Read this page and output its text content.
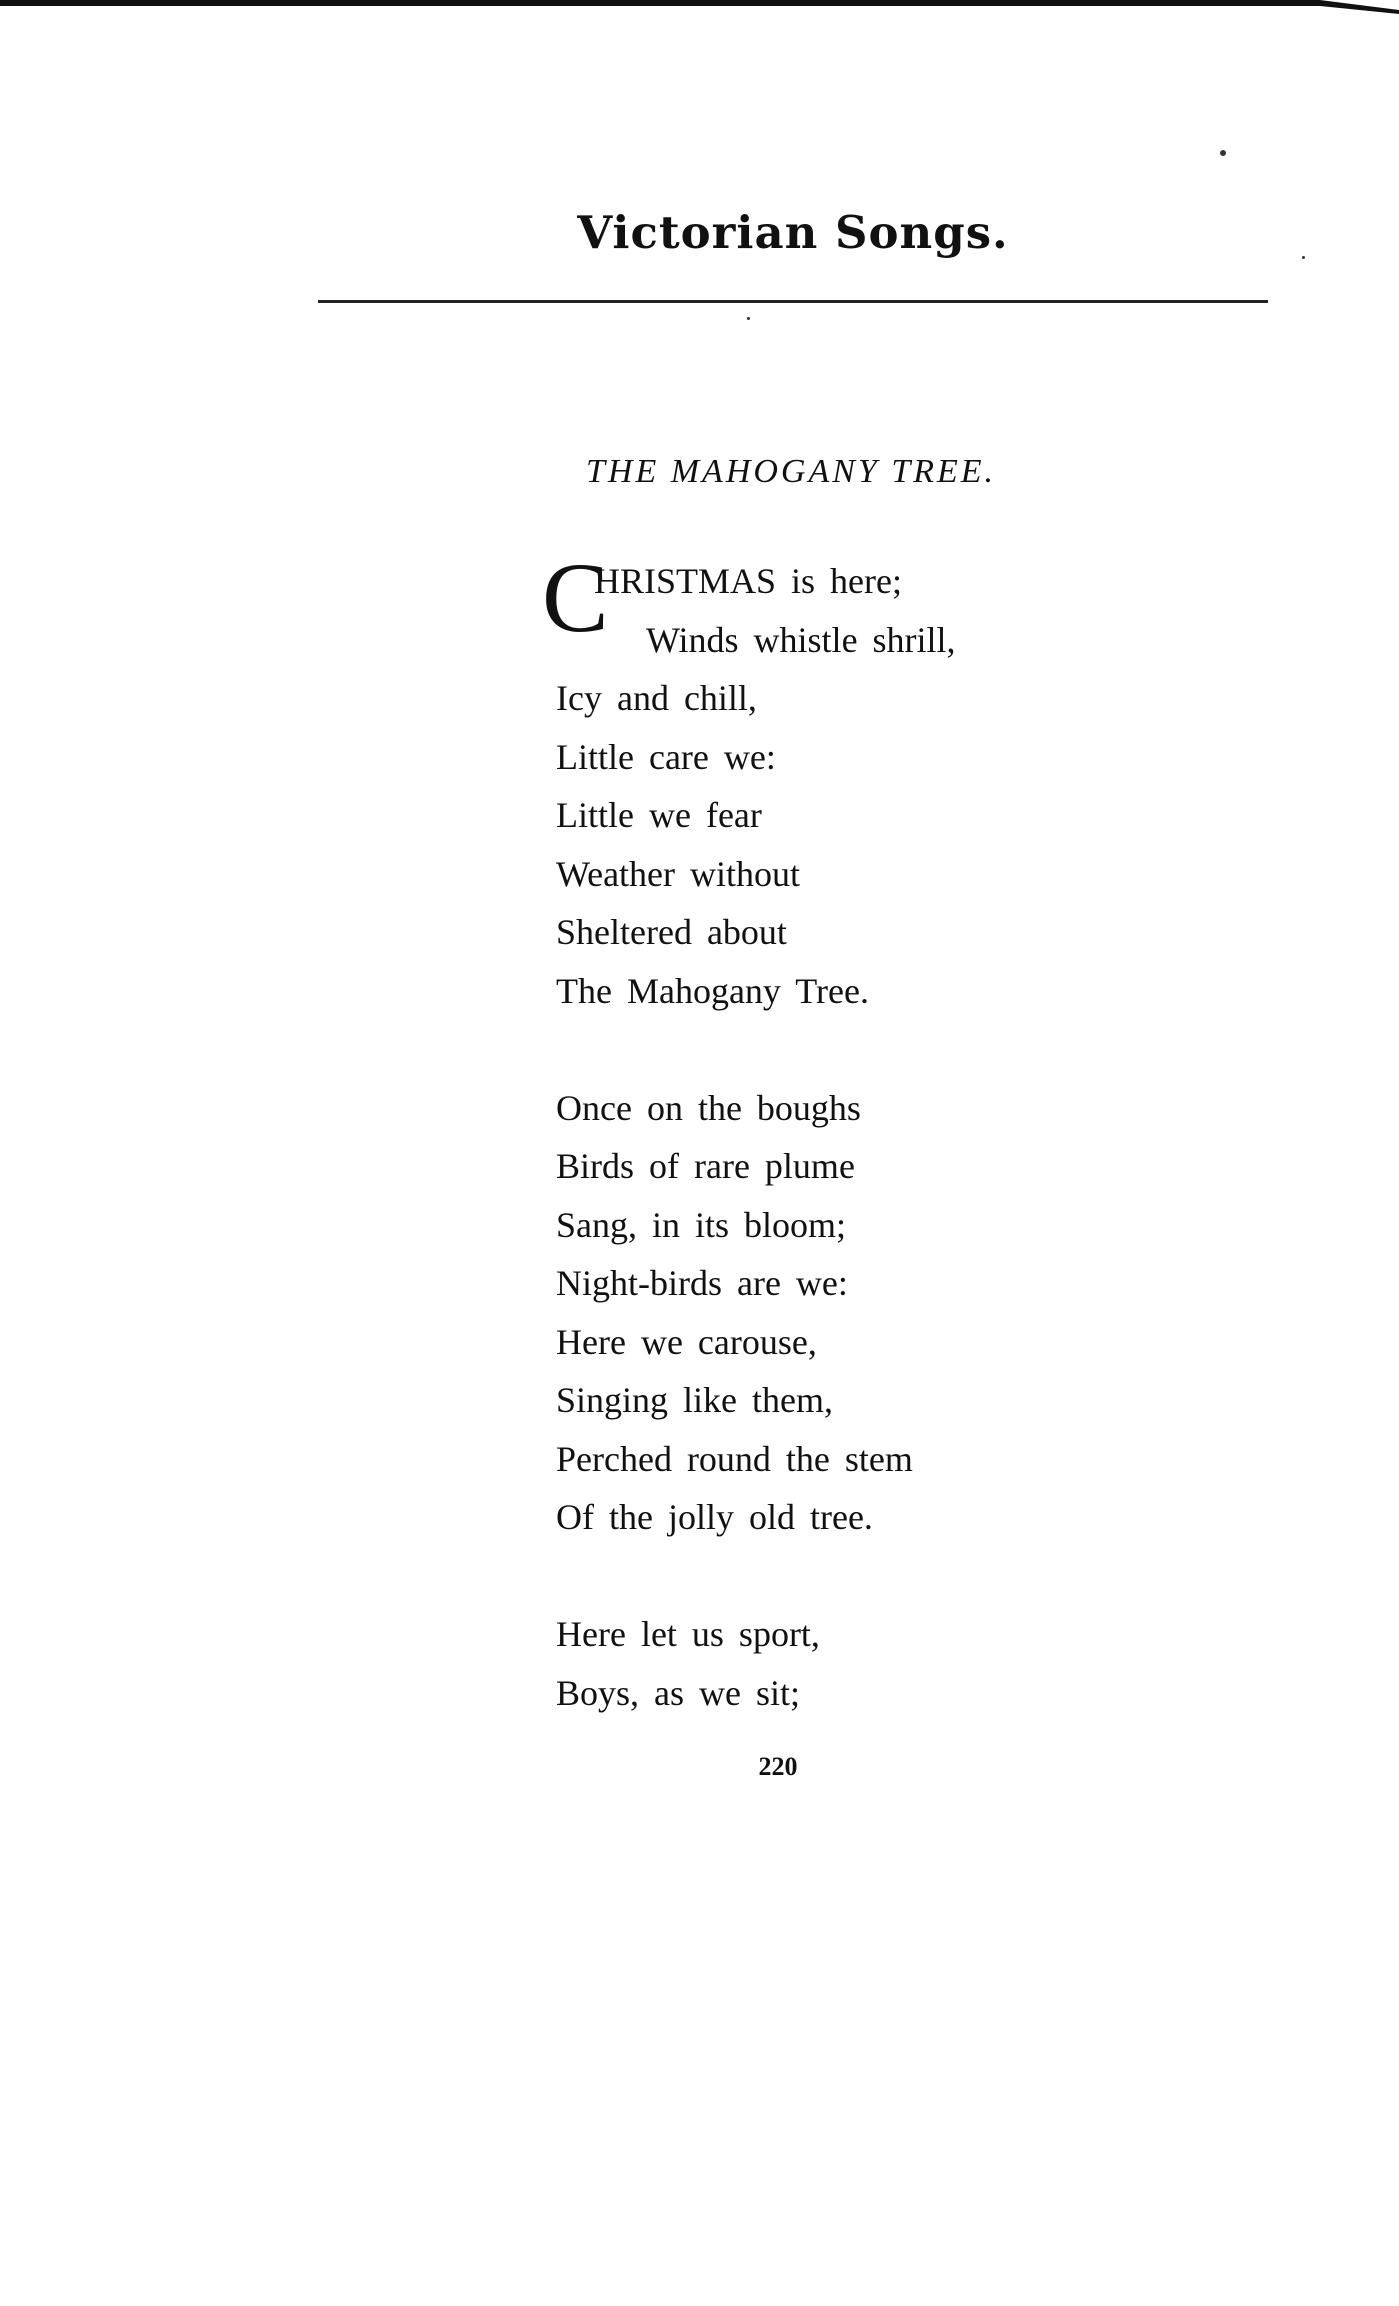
Victorian Songs.
THE MAHOGANY TREE.
C
HRISTMAS is here;
Winds whistle shrill,
Icy and chill,
Little care we:
Little we fear
Weather without
Sheltered about
The Mahogany Tree.
Once on the boughs
Birds of rare plume
Sang, in its bloom;
Night-birds are we:
Here we carouse,
Singing like them,
Perched round the stem
Of the jolly old tree.
Here let us sport,
Boys, as we sit;
220
